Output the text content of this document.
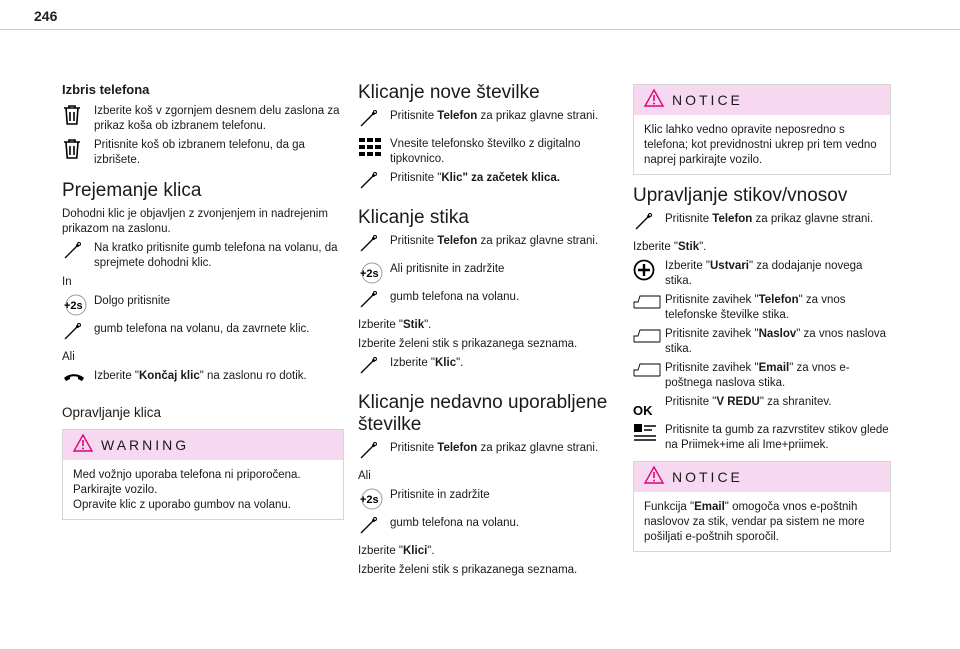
246
Izbris telefona
Izberite koš v zgornjem desnem delu zaslona za prikaz koša ob izbranem telefonu.
Pritisnite koš ob izbranem telefonu, da ga izbrišete.
Prejemanje klica

Dohodni klic je objavljen z zvonjenjem in nadrejenim prikazom na zaslonu.

Na kratko pritisnite gumb telefona na volanu, da sprejmete dohodni klic.

In

+2s Dolgo pritisnite
gumb telefona na volanu, da zavrnete klic.

Ali

Izberite "Končaj klic" na zaslonu ro dotik.
Opravljanje klica
WARNING
Med vožnjo uporaba telefona ni priporočena.
Parkirajte vozilo.
Opravite klic z uporabo gumbov na volanu.
Klicanje nove številke
Pritisnite Telefon za prikaz glavne strani.
Vnesite telefonsko številko z digitalno tipkovnico.
Pritisnite "Klic" za začetek klica.
Klicanje stika
Pritisnite Telefon za prikaz glavne strani.
+2s Ali pritisnite in zadržite
gumb telefona na volanu.

Izberite "Stik".

Izberite želeni stik s prikazanega seznama.

Izberite "Klic".
Klicanje nedavno uporabljene številke
Pritisnite Telefon za prikaz glavne strani.

Ali

+2s Pritisnite in zadržite
gumb telefona na volanu.

Izberite "Klici".

Izberite želeni stik s prikazanega seznama.

NOTICE
Klic lahko vedno opravite neposredno s telefona; kot previdnostni ukrep pri tem vedno naprej parkirajte vozilo.
Upravljanje stikov/vnosov
Pritisnite Telefon za prikaz glavne strani.

Izberite "Stik".

Izberite "Ustvari" za dodajanje novega stika.
Pritisnite zavihek "Telefon" za vnos telefonske številke stika.
Pritisnite zavihek "Naslov" za vnos naslova stika.
Pritisnite zavihek "Email" za vnos e-poštnega naslova stika.
OK
Pritisnite "V REDU" za shranitev.
Pritisnite ta gumb za razvrstitev stikov glede na Priimek+ime ali Ime+priimek.
NOTICE
Funkcija "Email" omogoča vnos e-poštnih naslovov za stik, vendar pa sistem ne more pošiljati e-poštnih sporočil.
